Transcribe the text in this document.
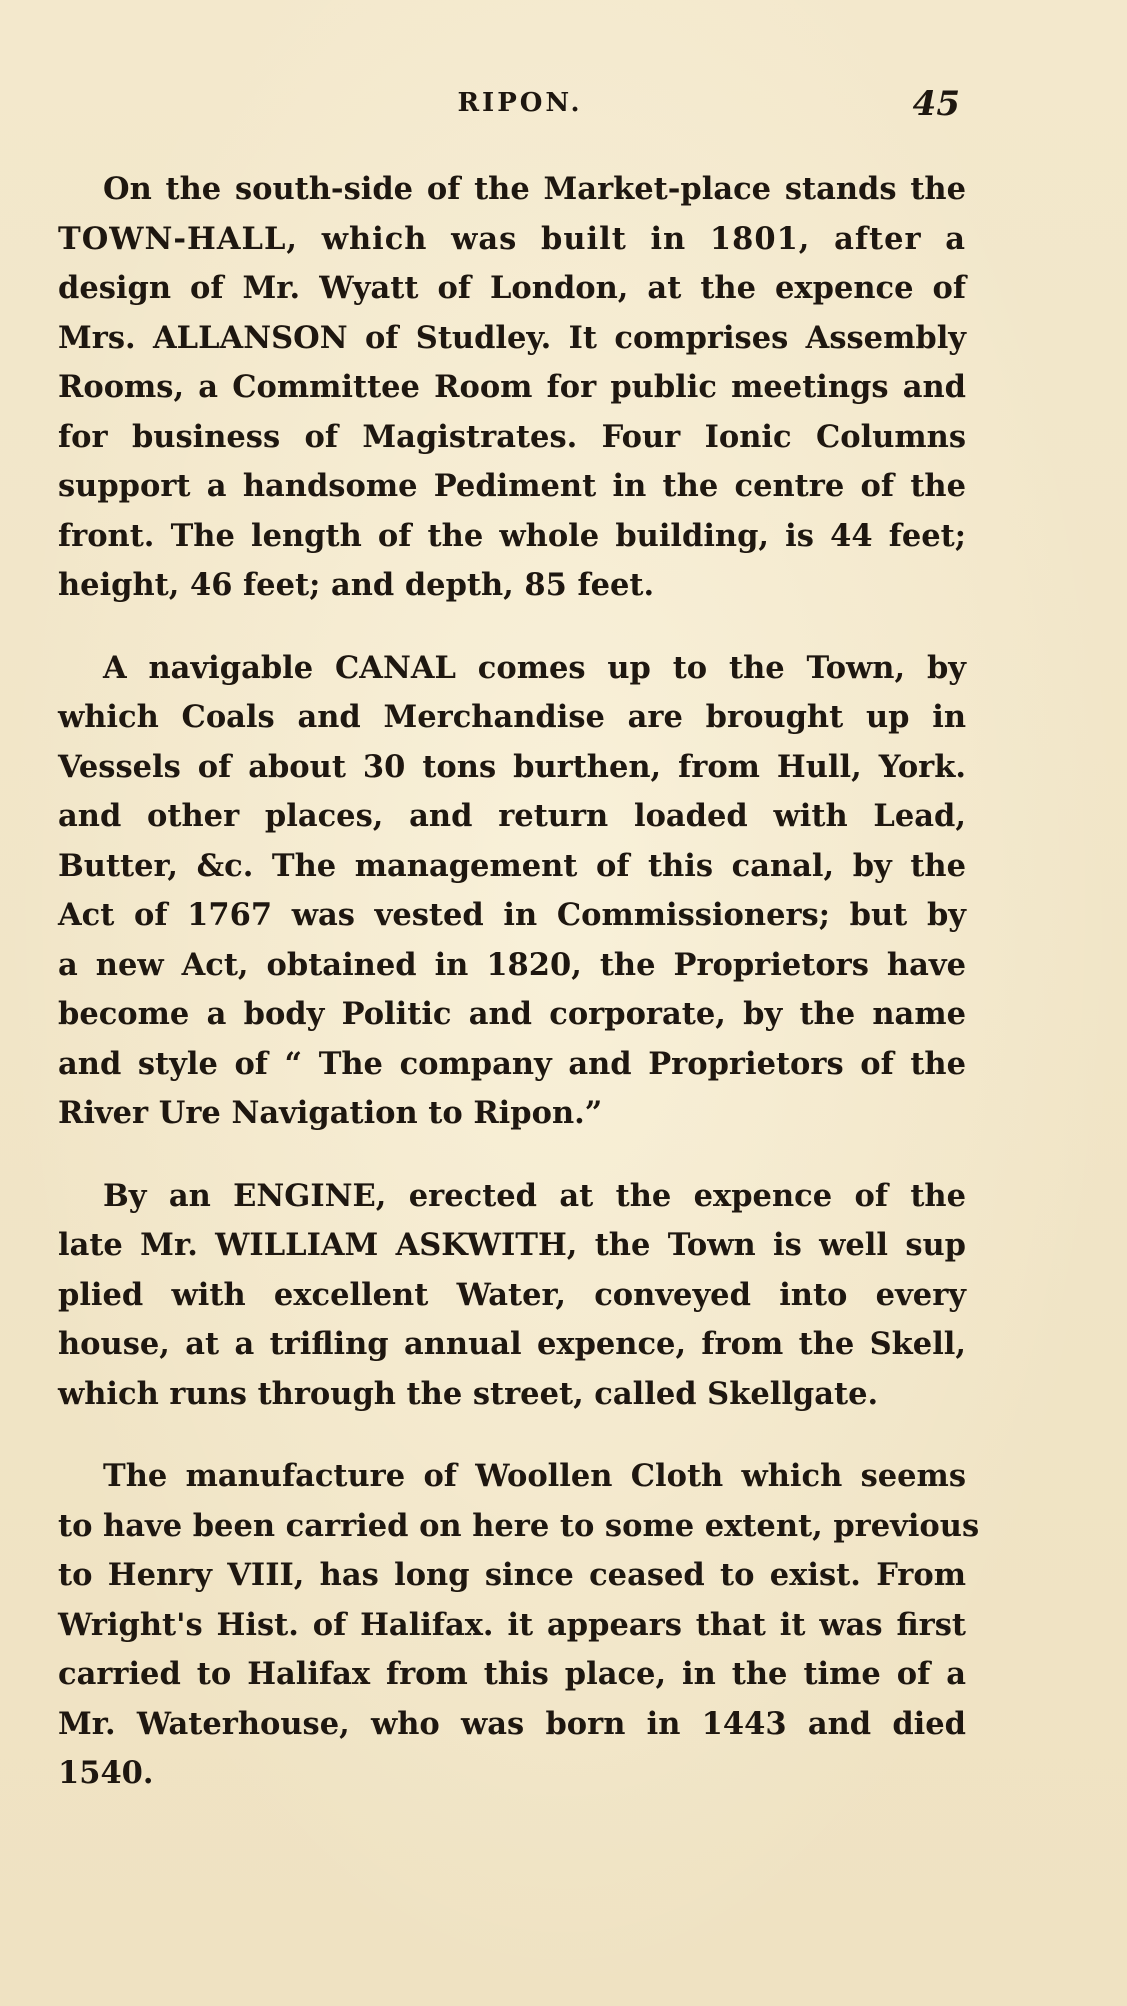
RIPON.	45

On the south-side of the Market-place stands the
TOWN-HALL, which was built in 1801, after a
design of Mr. Wyatt of London, at the expence of
Mrs. ALLANSON of Studley. It comprises Assembly
Rooms, a Committee Room for public meetings and
for business of Magistrates. Four Ionic Columns
support a handsome Pediment in the centre of the
front. The length of the whole building, is 44 feet;
height, 46 feet; and depth, 85 feet.

A navigable CANAL comes up to the Town, by
which Coals and Merchandise are brought up in
Vessels of about 30 tons burthen, from Hull, York.
and other places, and return loaded with Lead,
Butter, &c. The management of this canal, by the
Act of 1767 was vested in Commissioners; but by
a new Act, obtained in 1820, the Proprietors have
become a body Politic and corporate, by the name
and style of “ The company and Proprietors of the
River Ure Navigation to Ripon.”

By an ENGINE, erected at the expence of the
late Mr. WILLIAM ASKWITH, the Town is well sup
plied with excellent Water, conveyed into every
house, at a trifling annual expence, from the Skell,
which runs through the street, called Skellgate.

The manufacture of Woollen Cloth which seems
to have been carried on here to some extent, previous
to Henry VIII, has long since ceased to exist. From
Wright's Hist. of Halifax. it appears that it was first
carried to Halifax from this place, in the time of a
Mr. Waterhouse, who was born in 1443 and died
1540.
